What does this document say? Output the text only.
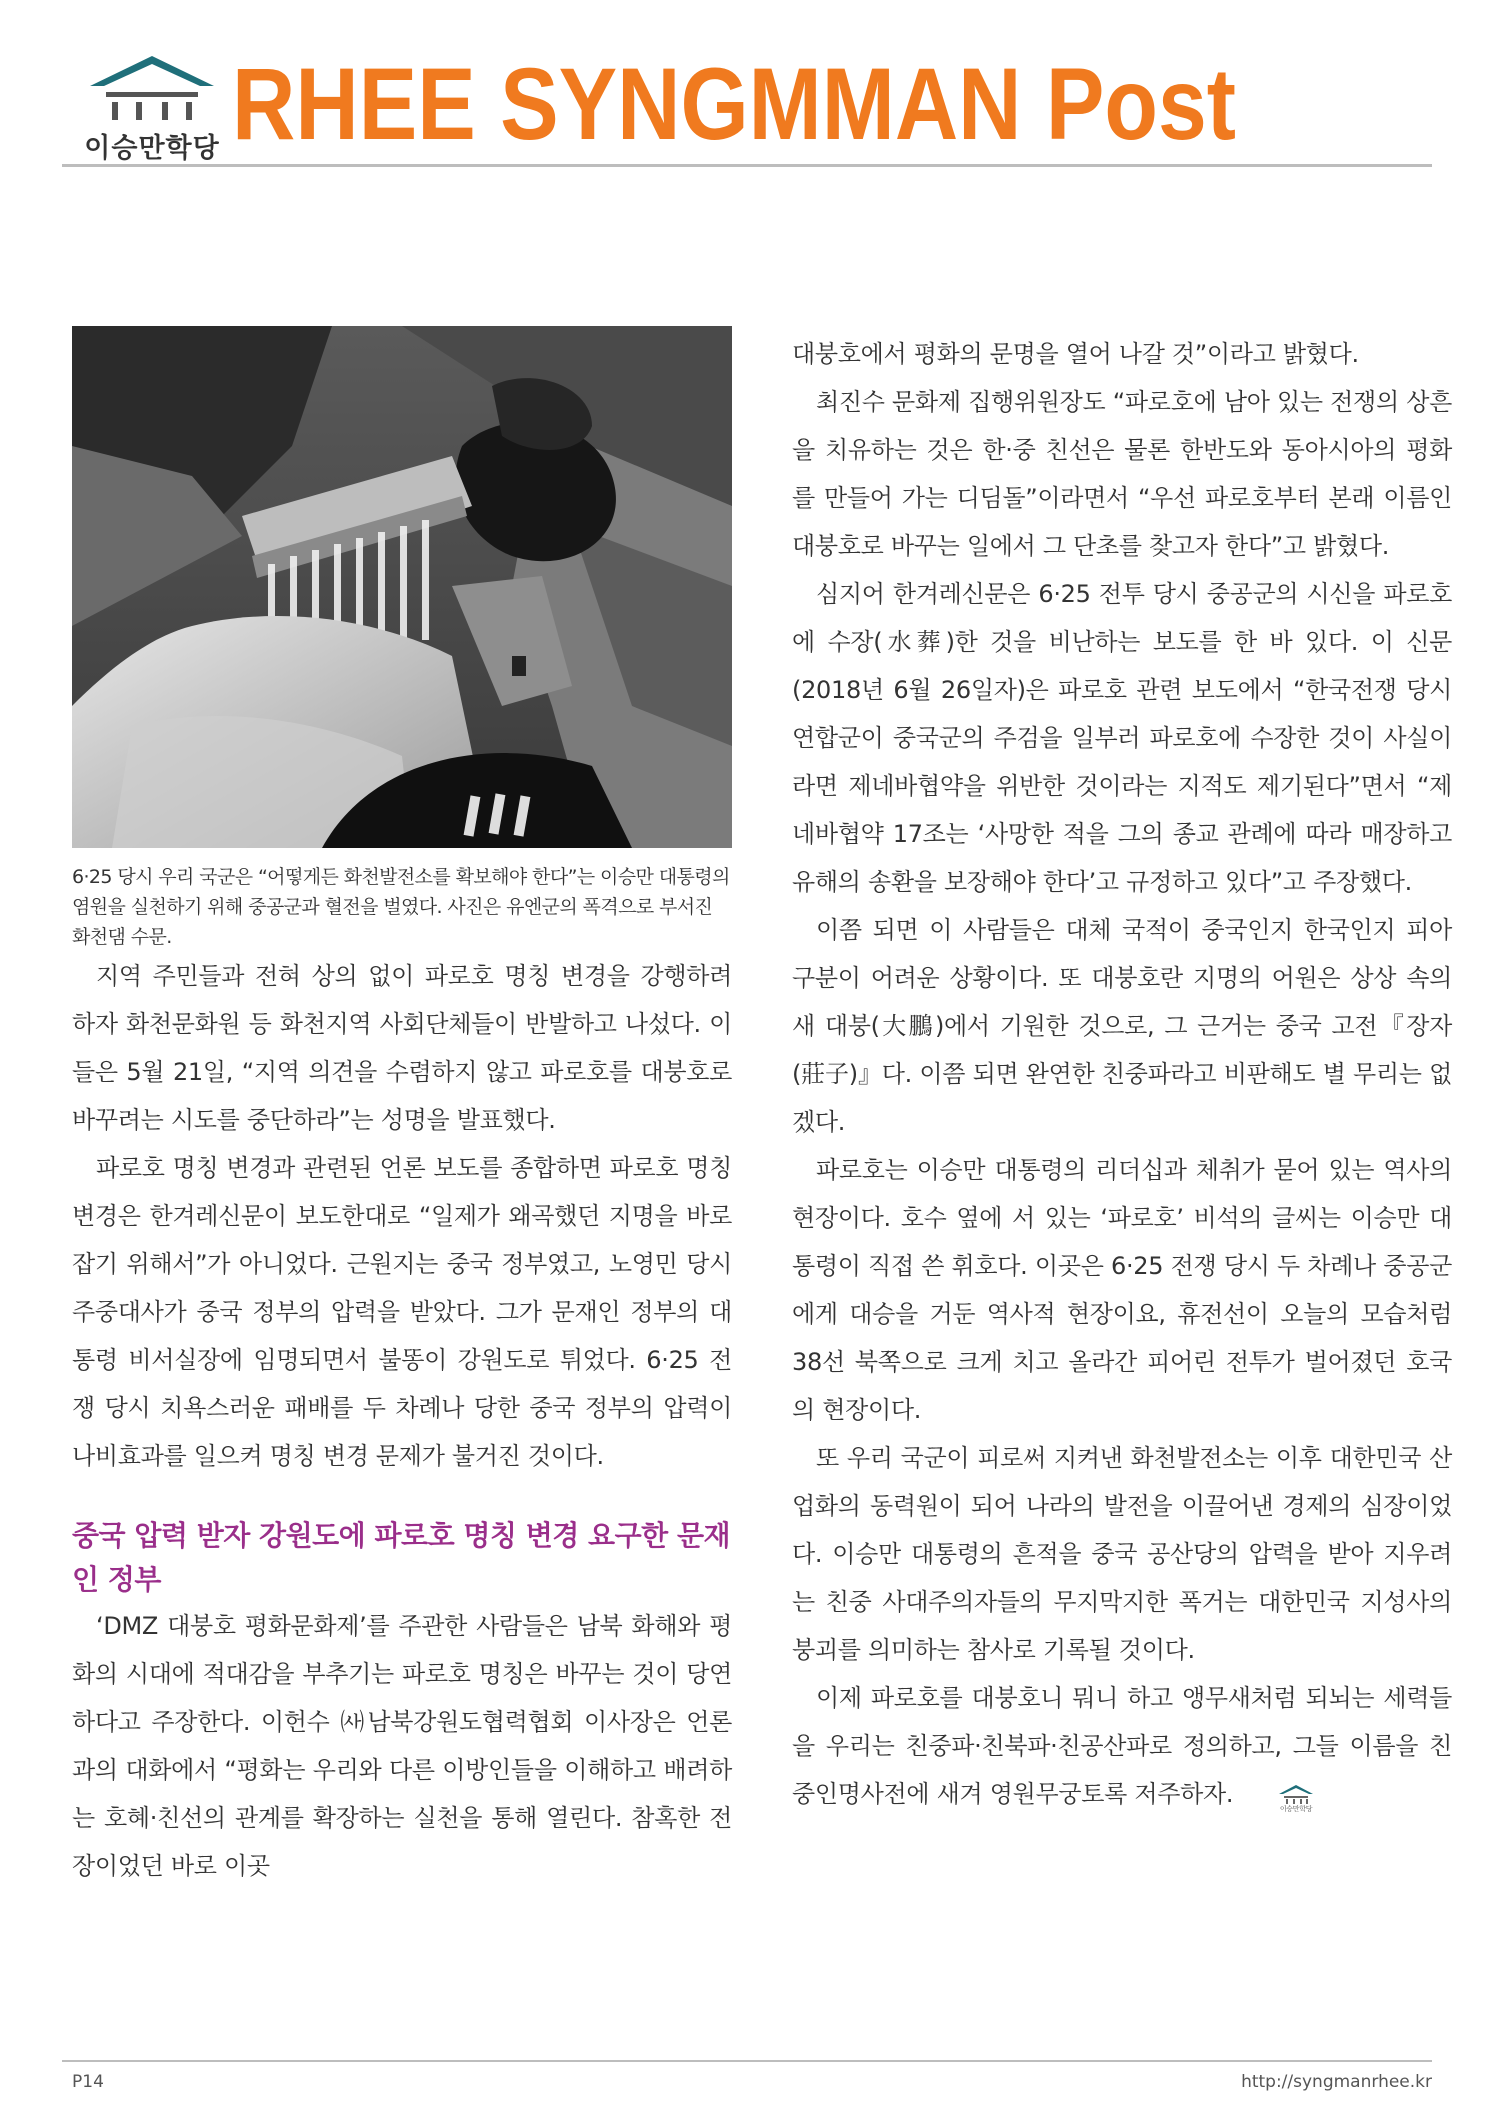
이승만학당 RHEE SYNGMMAN Post

6·25 당시 우리 국군은 “어떻게든 화천발전소를 확보해야 한다”는 이승만 대통령의 염원을 실천하기 위해 중공군과 혈전을 벌였다. 사진은 유엔군의 폭격으로 부서진 화천댐 수문.

지역 주민들과 전혀 상의 없이 파로호 명칭 변경을 강행하려 하자 화천문화원 등 화천지역 사회단체들이 반발하고 나섰다. 이들은 5월 21일, “지역 의견을 수렴하지 않고 파로호를 대붕호로 바꾸려는 시도를 중단하라”는 성명을 발표했다.

파로호 명칭 변경과 관련된 언론 보도를 종합하면 파로호 명칭 변경은 한겨레신문이 보도한대로 “일제가 왜곡했던 지명을 바로잡기 위해서”가 아니었다. 근원지는 중국 정부였고, 노영민 당시 주중대사가 중국 정부의 압력을 받았다. 그가 문재인 정부의 대통령 비서실장에 임명되면서 불똥이 강원도로 튀었다. 6·25 전쟁 당시 치욕스러운 패배를 두 차례나 당한 중국 정부의 압력이 나비효과를 일으켜 명칭 변경 문제가 불거진 것이다.

중국 압력 받자 강원도에 파로호 명칭 변경 요구한 문재인 정부

‘DMZ 대붕호 평화문화제’를 주관한 사람들은 남북 화해와 평화의 시대에 적대감을 부추기는 파로호 명칭은 바꾸는 것이 당연하다고 주장한다. 이헌수 ㈔남북강원도협력협회 이사장은 언론과의 대화에서 “평화는 우리와 다른 이방인들을 이해하고 배려하는 호혜·친선의 관계를 확장하는 실천을 통해 열린다. 참혹한 전장이었던 바로 이곳

대붕호에서 평화의 문명을 열어 나갈 것”이라고 밝혔다.

최진수 문화제 집행위원장도 “파로호에 남아 있는 전쟁의 상흔을 치유하는 것은 한·중 친선은 물론 한반도와 동아시아의 평화를 만들어 가는 디딤돌”이라면서 “우선 파로호부터 본래 이름인 대붕호로 바꾸는 일에서 그 단초를 찾고자 한다”고 밝혔다.

심지어 한겨레신문은 6·25 전투 당시 중공군의 시신을 파로호에 수장(水葬)한 것을 비난하는 보도를 한 바 있다. 이 신문(2018년 6월 26일자)은 파로호 관련 보도에서 “한국전쟁 당시 연합군이 중국군의 주검을 일부러 파로호에 수장한 것이 사실이라면 제네바협약을 위반한 것이라는 지적도 제기된다”면서 “제네바협약 17조는 ‘사망한 적을 그의 종교 관례에 따라 매장하고 유해의 송환을 보장해야 한다’고 규정하고 있다”고 주장했다.

이쯤 되면 이 사람들은 대체 국적이 중국인지 한국인지 피아 구분이 어려운 상황이다. 또 대붕호란 지명의 어원은 상상 속의 새 대붕(大鵬)에서 기원한 것으로, 그 근거는 중국 고전『장자(莊子)』다. 이쯤 되면 완연한 친중파라고 비판해도 별 무리는 없겠다.

파로호는 이승만 대통령의 리더십과 체취가 묻어 있는 역사의 현장이다. 호수 옆에 서 있는 ‘파로호’ 비석의 글씨는 이승만 대통령이 직접 쓴 휘호다. 이곳은 6·25 전쟁 당시 두 차례나 중공군에게 대승을 거둔 역사적 현장이요, 휴전선이 오늘의 모습처럼 38선 북쪽으로 크게 치고 올라간 피어린 전투가 벌어졌던 호국의 현장이다.

또 우리 국군이 피로써 지켜낸 화천발전소는 이후 대한민국 산업화의 동력원이 되어 나라의 발전을 이끌어낸 경제의 심장이었다. 이승만 대통령의 흔적을 중국 공산당의 압력을 받아 지우려는 친중 사대주의자들의 무지막지한 폭거는 대한민국 지성사의 붕괴를 의미하는 참사로 기록될 것이다.

이제 파로호를 대붕호니 뭐니 하고 앵무새처럼 되뇌는 세력들을 우리는 친중파·친북파·친공산파로 정의하고, 그들 이름을 친중인명사전에 새겨 영원무궁토록 저주하자.
이승만학당

P14	http://syngmanrhee.kr
